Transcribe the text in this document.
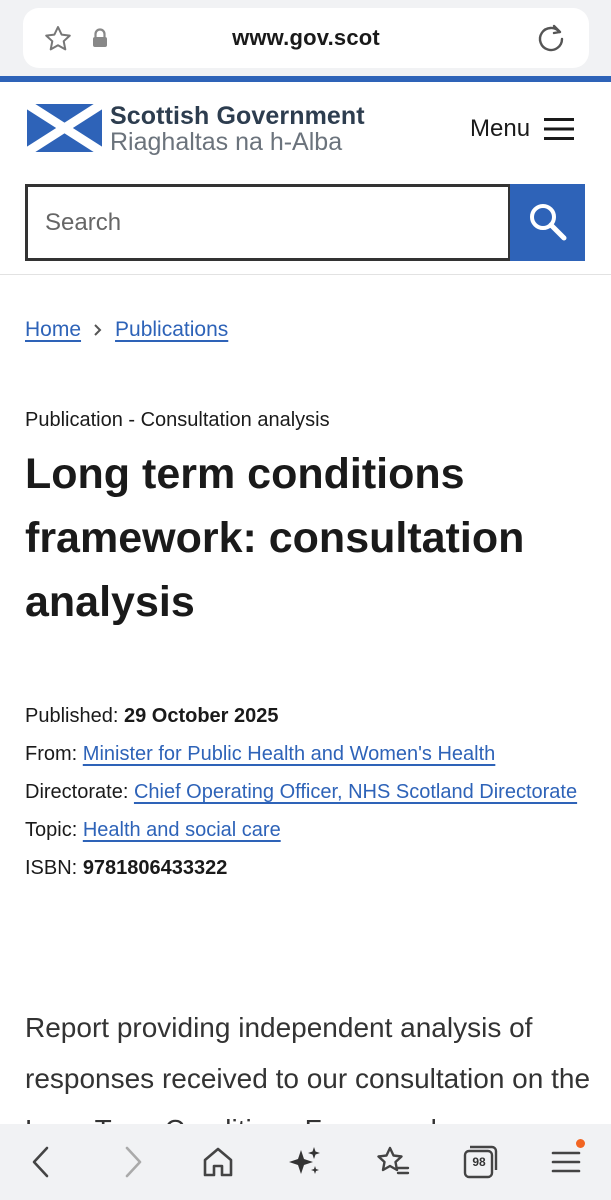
www.gov.scot
Scottish Government
Riaghaltas na h-Alba	Menu
Search
Home Publications
Publication - Consultation analysis
Long term conditions framework: consultation analysis
Published: 29 October 2025
From: Minister for Public Health and Women's Health
Directorate: Chief Operating Officer, NHS Scotland Directorate
Topic: Health and social care
ISBN: 9781806433322

Report providing independent analysis of responses received to our consultation on the

98
